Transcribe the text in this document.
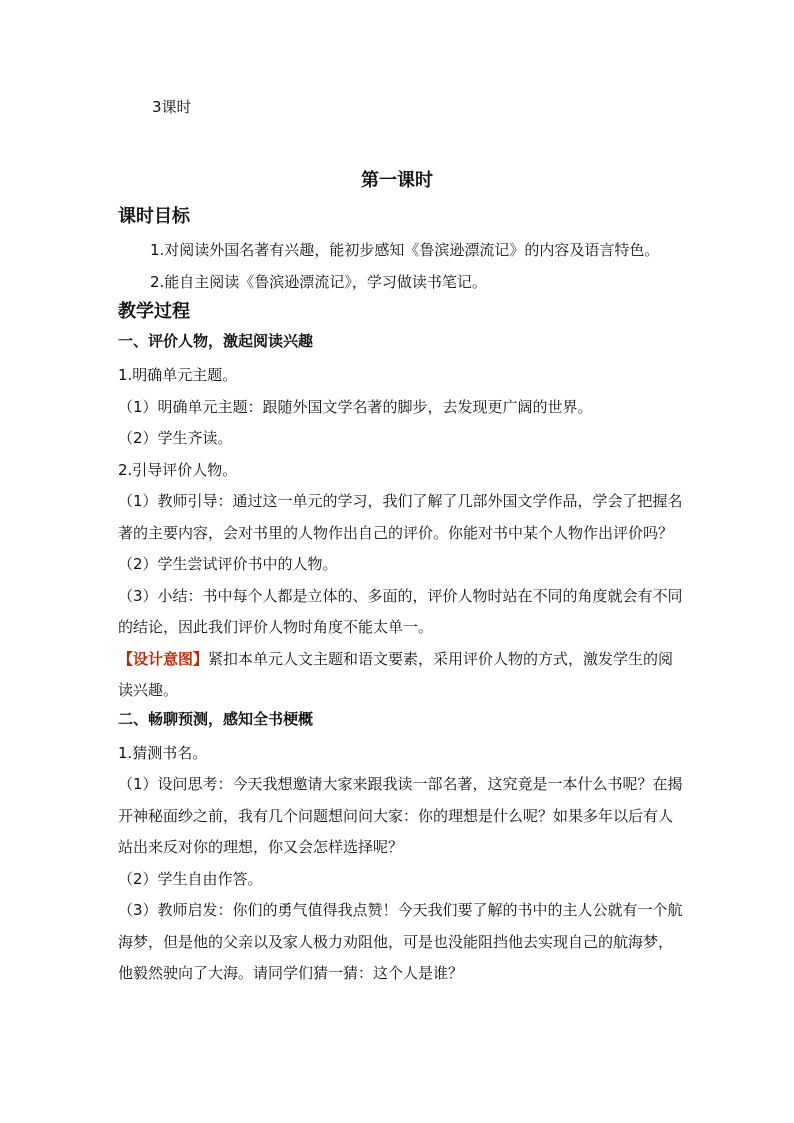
3课时
第一课时
课时目标

1.对阅读外国名著有兴趣，能初步感知《鲁滨逊漂流记》的内容及语言特色。

2.能自主阅读《鲁滨逊漂流记》，学习做读书笔记。

教学过程
一、评价人物，激起阅读兴趣

1.明确单元主题。

（1）明确单元主题：跟随外国文学名著的脚步，去发现更广阔的世界。

（2）学生齐读。

2.引导评价人物。

（1）教师引导：通过这一单元的学习，我们了解了几部外国文学作品，学会了把握名著的主要内容，会对书里的人物作出自己的评价。你能对书中某个人物作出评价吗？

（2）学生尝试评价书中的人物。

（3）小结：书中每个人都是立体的、多面的，评价人物时站在不同的角度就会有不同的结论，因此我们评价人物时角度不能太单一。

【设计意图】紧扣本单元人文主题和语文要素，采用评价人物的方式，激发学生的阅读兴趣。

二、畅聊预测，感知全书梗概

1.猜测书名。

（1）设问思考：今天我想邀请大家来跟我读一部名著，这究竟是一本什么书呢？在揭开神秘面纱之前，我有几个问题想问问大家：你的理想是什么呢？如果多年以后有人站出来反对你的理想，你又会怎样选择呢？

（2）学生自由作答。

（3）教师启发：你们的勇气值得我点赞！今天我们要了解的书中的主人公就有一个航海梦，但是他的父亲以及家人极力劝阻他，可是也没能阻挡他去实现自己的航海梦，他毅然驶向了大海。请同学们猜一猜：这个人是谁？
